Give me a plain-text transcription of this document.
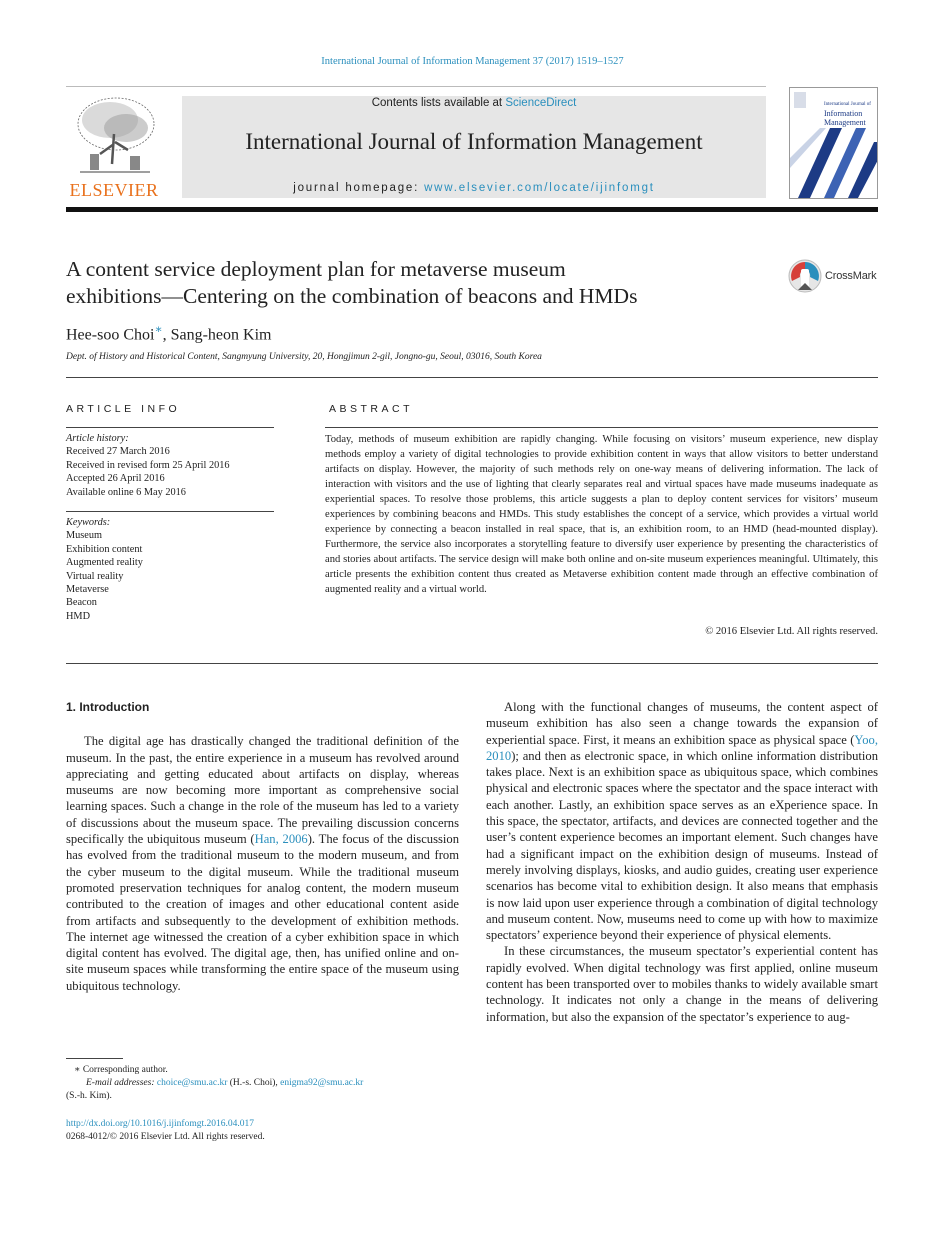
International Journal of Information Management 37 (2017) 1519–1527
ELSEVIER
Contents lists available at ScienceDirect
International Journal of Information Management
journal homepage: www.elsevier.com/locate/ijinfomgt
International Journal of
Information
Management
A content service deployment plan for metaverse museum
exhibitions—Centering on the combination of beacons and HMDs
CrossMark
Hee-soo Choi∗, Sang-heon Kim
Dept. of History and Historical Content, Sangmyung University, 20, Hongjimun 2-gil, Jongno-gu, Seoul, 03016, South Korea
ARTICLE INFO	ABSTRACT
Article history:
Received 27 March 2016
Received in revised form 25 April 2016
Accepted 26 April 2016
Available online 6 May 2016
Keywords:
Museum
Exhibition content
Augmented reality
Virtual reality
Metaverse
Beacon
HMD
Today, methods of museum exhibition are rapidly changing. While focusing on visitors’ museum experience, new display methods employ a variety of digital technologies to provide exhibition content in ways that allow visitors to better understand artifacts on display. However, the majority of such methods rely on one-way means of delivering information. The lack of interaction with visitors and the use of lighting that clearly separates real and virtual spaces have made museums inadequate as experiential spaces. To resolve those problems, this article suggests a plan to deploy content services for visitors’ museum experiences by combining beacons and HMDs. This study establishes the concept of a service, which provides a virtual world experience by connecting a beacon installed in real space, that is, an exhibition room, to an HMD (head-mounted display). Furthermore, the service also incorporates a storytelling feature to diversify user experience by presenting the characteristics of and stories about artifacts. The service design will make both online and on-site museum experiences meaningful. Ultimately, this article presents the exhibition content thus created as Metaverse exhibition content made through an effective combination of augmented reality and a virtual world.
© 2016 Elsevier Ltd. All rights reserved.
1. Introduction

The digital age has drastically changed the traditional definition of the museum. In the past, the entire experience in a museum has revolved around appreciating and getting educated about artifacts on display, whereas museums are now becoming more important as comprehensive social learning spaces. Such a change in the role of the museum has led to a variety of discussions about the museum space. The prevailing discussion concerns specifically the ubiquitous museum (Han, 2006). The focus of the discussion has evolved from the traditional museum to the modern museum, and from the cyber museum to the digital museum. While the traditional museum promoted preservation techniques for analog content, the modern museum contributed to the creation of images and other educational content aside from artifacts and subsequently to the development of exhibition methods. The internet age witnessed the creation of a cyber exhibition space in which digital content has evolved. The digital age, then, has unified online and on-site museum spaces while transforming the entire space of the museum using ubiquitous technology.

Along with the functional changes of museums, the content aspect of museum exhibition has also seen a change towards the expansion of experiential space. First, it means an exhibition space as physical space (Yoo, 2010); and then as electronic space, in which online information distribution takes place. Next is an exhibition space as ubiquitous space, which combines physical and electronic spaces where the spectator and the space interact with each another. Lastly, an exhibition space serves as an eXperience space. In this space, the spectator, artifacts, and devices are connected together and the user’s content experience becomes an important element. Such changes have had a significant impact on the exhibition design of museums. Instead of merely involving displays, kiosks, and audio guides, creating user experience scenarios has become vital to exhibition design. It also means that emphasis is now laid upon user experience through a combination of digital technology and museum content. Now, museums need to come up with how to maximize spectators’ experience beyond their experience of physical elements.

In these circumstances, the museum spectator’s experiential content has rapidly evolved. When digital technology was first applied, online museum content has been transported over to mobiles thanks to widely available smart technology. It indicates not only a change in the means of delivering information, but also the expansion of the spectator’s experience to aug-

∗ Corresponding author.
E-mail addresses: choice@smu.ac.kr (H.-s. Choi), enigma92@smu.ac.kr
(S.-h. Kim).
http://dx.doi.org/10.1016/j.ijinfomgt.2016.04.017
0268-4012/© 2016 Elsevier Ltd. All rights reserved.
